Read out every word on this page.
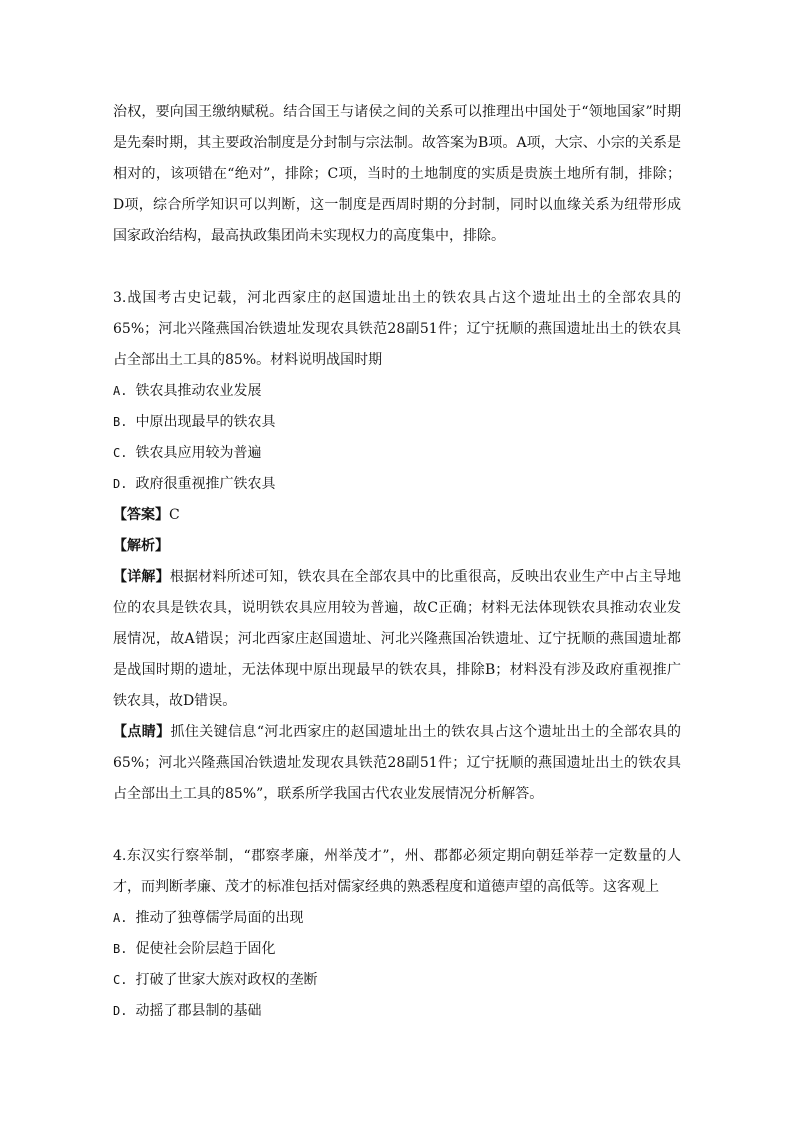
治权，要向国王缴纳赋税。结合国王与诸侯之间的关系可以推理出中国处于“领地国家”时期是先秦时期，其主要政治制度是分封制与宗法制。故答案为B项。A项，大宗、小宗的关系是相对的，该项错在“绝对”，排除；C项，当时的土地制度的实质是贵族土地所有制，排除；D项，综合所学知识可以判断，这一制度是西周时期的分封制，同时以血缘关系为纽带形成国家政治结构，最高执政集团尚未实现权力的高度集中，排除。

3.战国考古史记载，河北西家庄的赵国遗址出土的铁农具占这个遗址出土的全部农具的65%；河北兴隆燕国冶铁遗址发现农具铁范28副51件；辽宁抚顺的燕国遗址出土的铁农具占全部出土工具的85%。材料说明战国时期

A. 铁农具推动农业发展

B. 中原出现最早的铁农具

C. 铁农具应用较为普遍

D. 政府很重视推广铁农具

【答案】C

【解析】

【详解】根据材料所述可知，铁农具在全部农具中的比重很高，反映出农业生产中占主导地位的农具是铁农具，说明铁农具应用较为普遍，故C正确；材料无法体现铁农具推动农业发展情况，故A错误；河北西家庄赵国遗址、河北兴隆燕国冶铁遗址、辽宁抚顺的燕国遗址都是战国时期的遗址，无法体现中原出现最早的铁农具，排除B；材料没有涉及政府重视推广铁农具，故D错误。

【点睛】抓住关键信息“河北西家庄的赵国遗址出土的铁农具占这个遗址出土的全部农具的65%；河北兴隆燕国冶铁遗址发现农具铁范28副51件；辽宁抚顺的燕国遗址出土的铁农具占全部出土工具的85%”，联系所学我国古代农业发展情况分析解答。

4.东汉实行察举制，“郡察孝廉，州举茂才”，州、郡都必须定期向朝廷举荐一定数量的人才，而判断孝廉、茂才的标准包括对儒家经典的熟悉程度和道德声望的高低等。这客观上

A. 推动了独尊儒学局面的出现

B. 促使社会阶层趋于固化

C. 打破了世家大族对政权的垄断

D. 动摇了郡县制的基础
